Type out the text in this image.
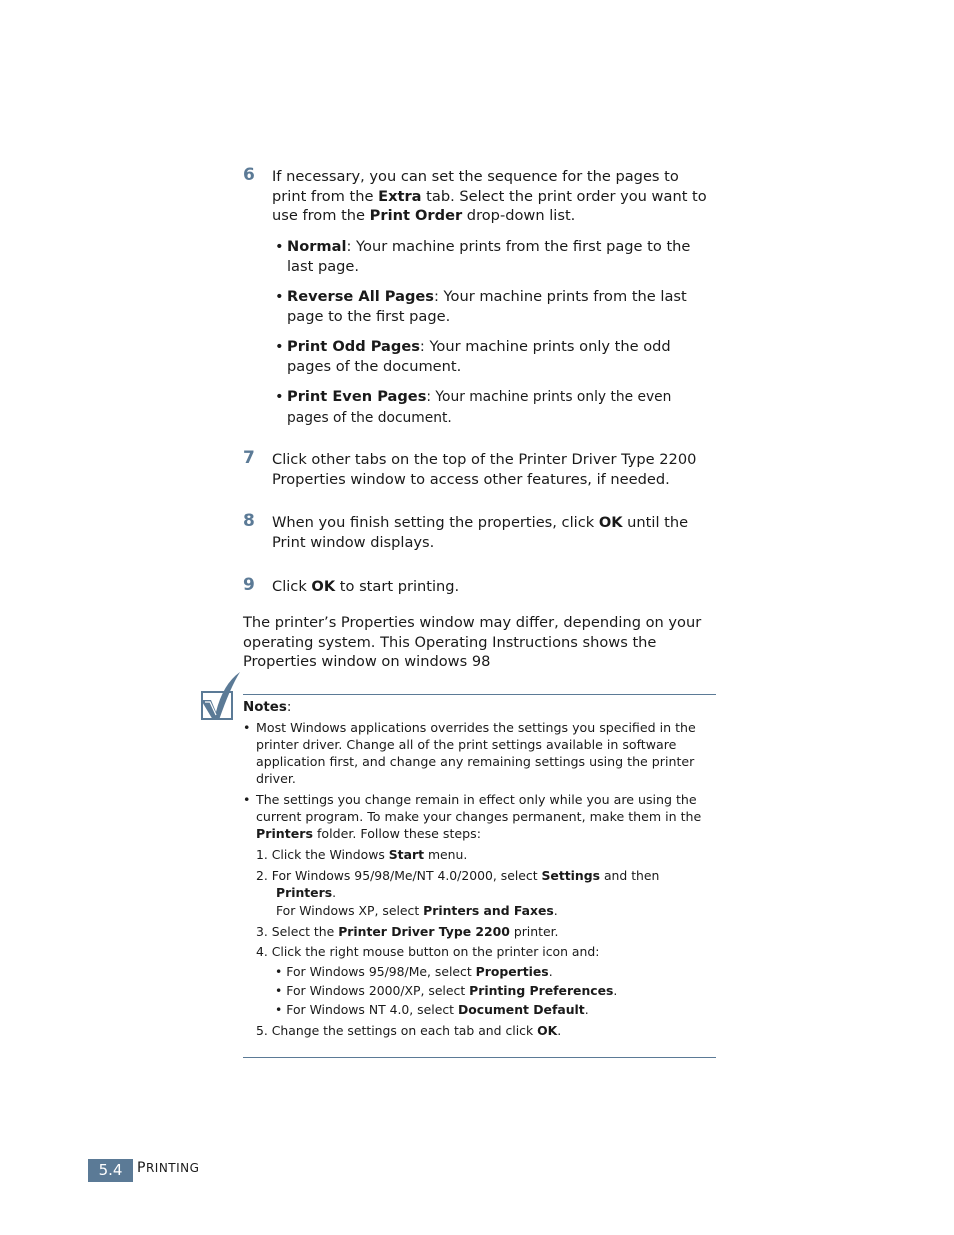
6 If necessary, you can set the sequence for the pages to print from the Extra tab. Select the print order you want to use from the Print Order drop-down list.

• Normal: Your machine prints from the first page to the last page.
• Reverse All Pages: Your machine prints from the last page to the first page.
• Print Odd Pages: Your machine prints only the odd pages of the document.
• Print Even Pages: Your machine prints only the even pages of the document.
7 Click other tabs on the top of the Printer Driver Type 2200 Properties window to access other features, if needed.

8 When you finish setting the properties, click OK until the Print window displays.

9 Click OK to start printing.

The printer’s Properties window may differ, depending on your operating system. This Operating Instructions shows the Properties window on windows 98

Notes:
• Most Windows applications overrides the settings you specified in the printer driver. Change all of the print settings available in software application first, and change any remaining settings using the printer driver.
• The settings you change remain in effect only while you are using the current program. To make your changes permanent, make them in the Printers folder. Follow these steps:
1. Click the Windows Start menu.
2. For Windows 95/98/Me/NT 4.0/2000, select Settings and then Printers.
For Windows XP, select Printers and Faxes.
3. Select the Printer Driver Type 2200 printer.
4. Click the right mouse button on the printer icon and:
• For Windows 95/98/Me, select Properties.
• For Windows 2000/XP, select Printing Preferences.
• For Windows NT 4.0, select Document Default.
5. Change the settings on each tab and click OK.
5.4	PRINTING
